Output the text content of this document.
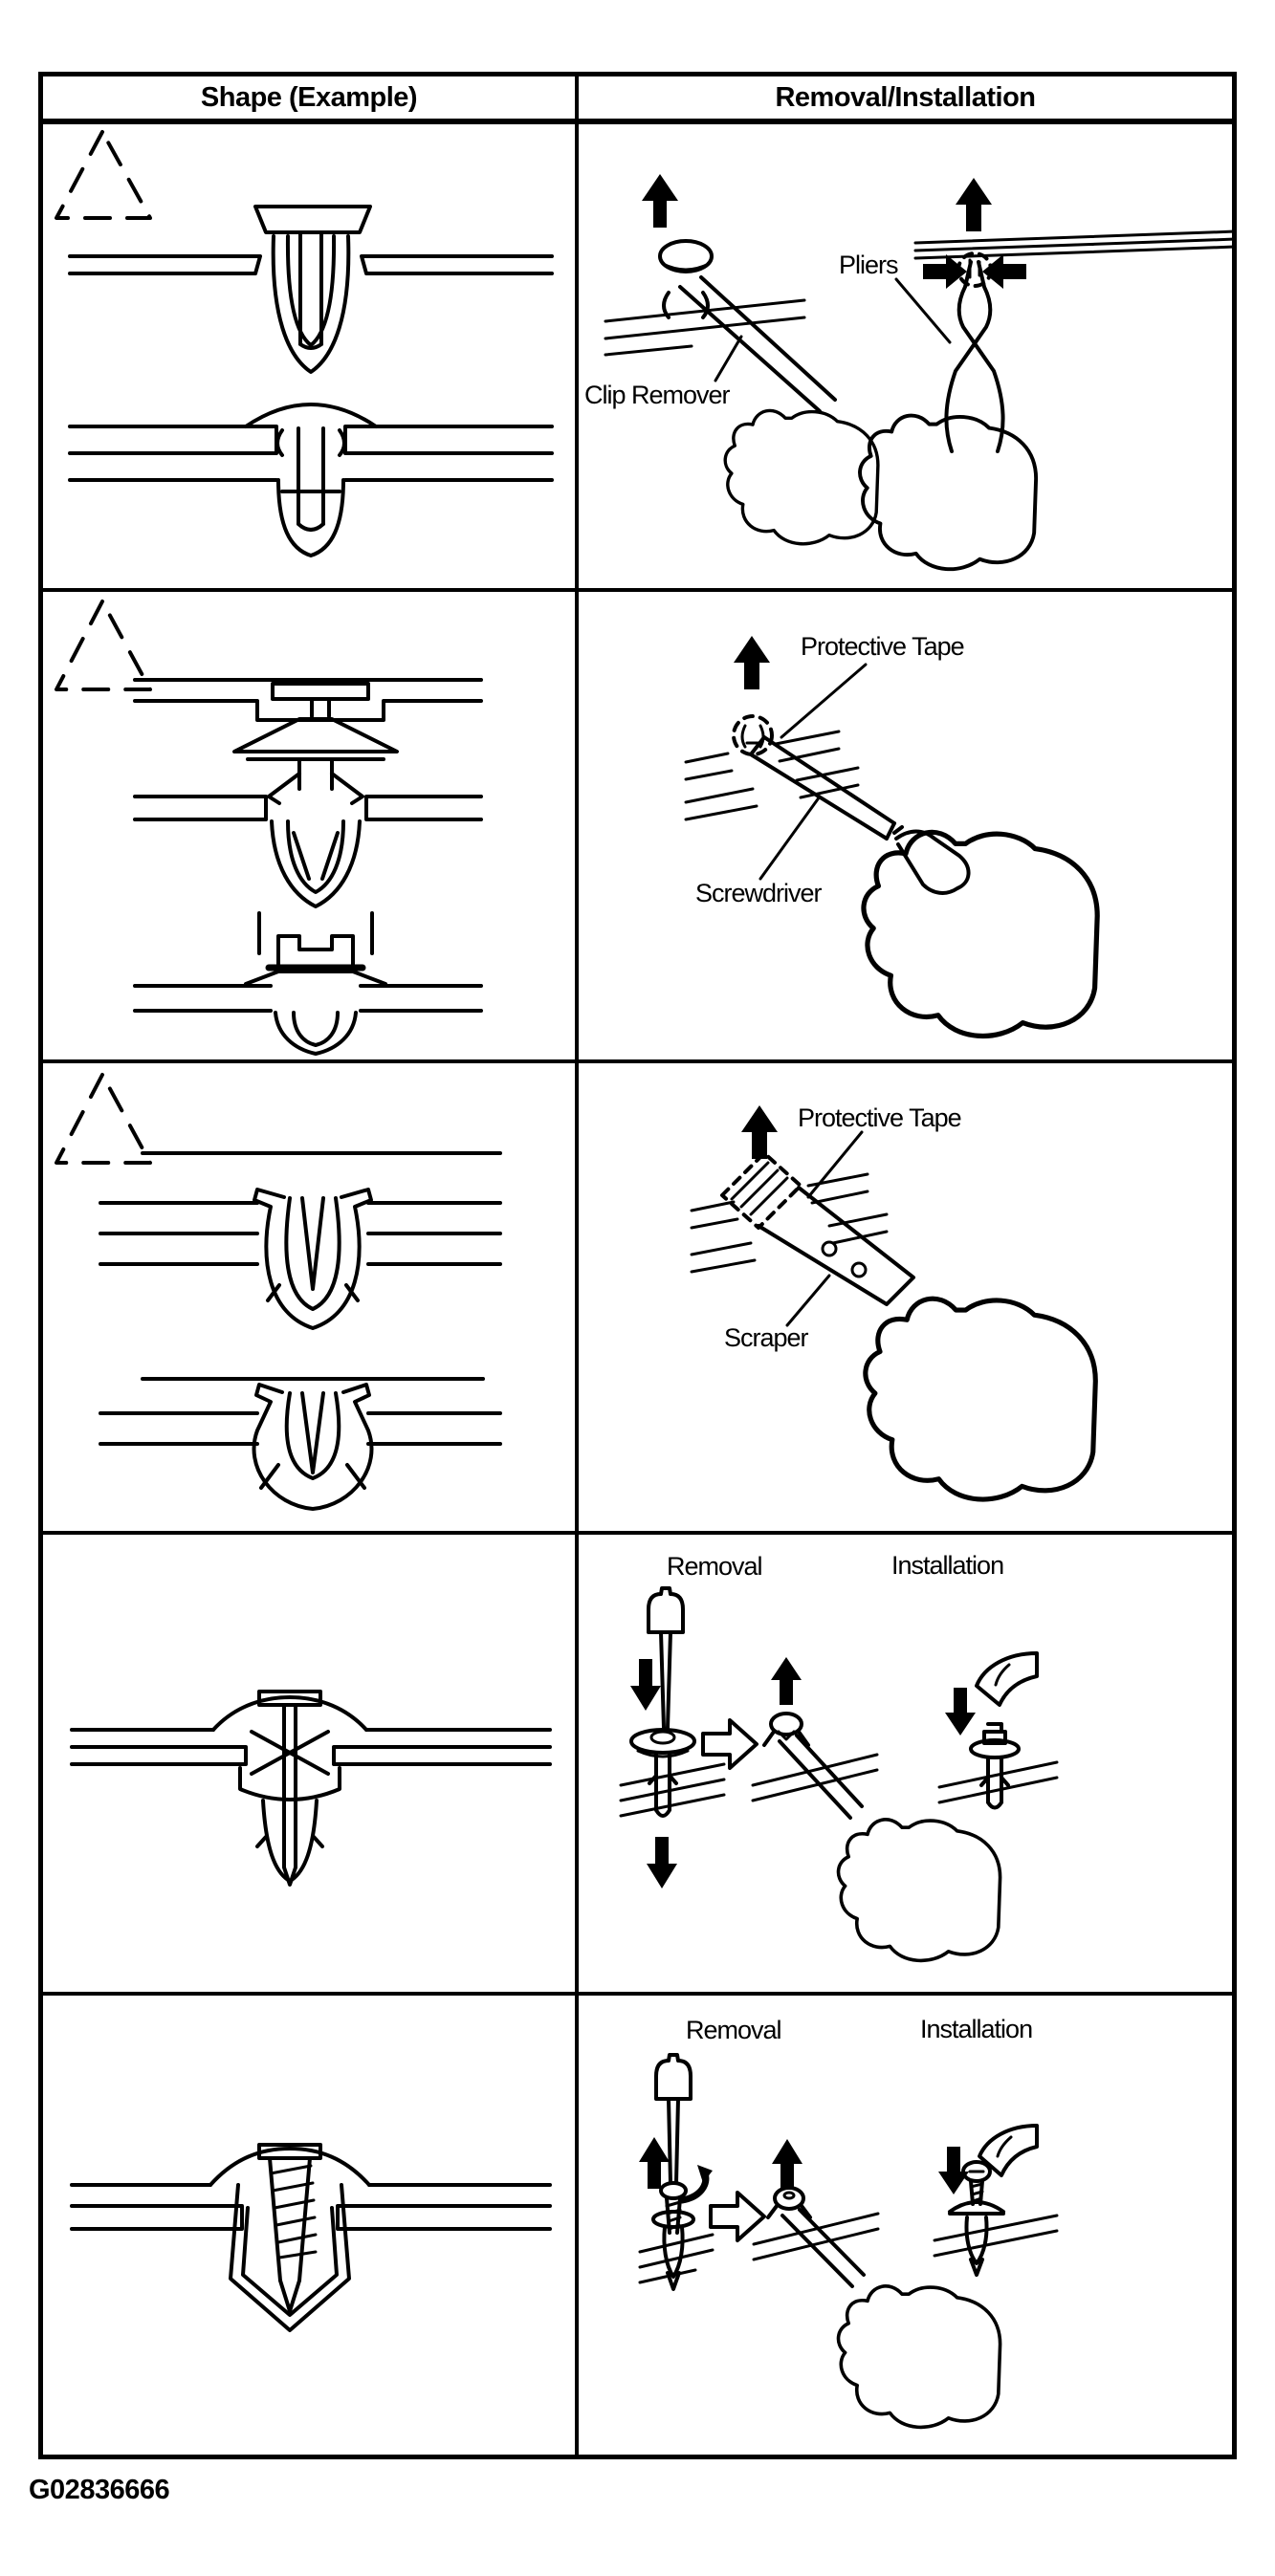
Shape (Example)	Removal/Installation
Clip Remover
Pliers
Protective Tape
Screwdriver
Protective Tape
Scraper
Removal	Installation
Removal	Installation
G02836666
